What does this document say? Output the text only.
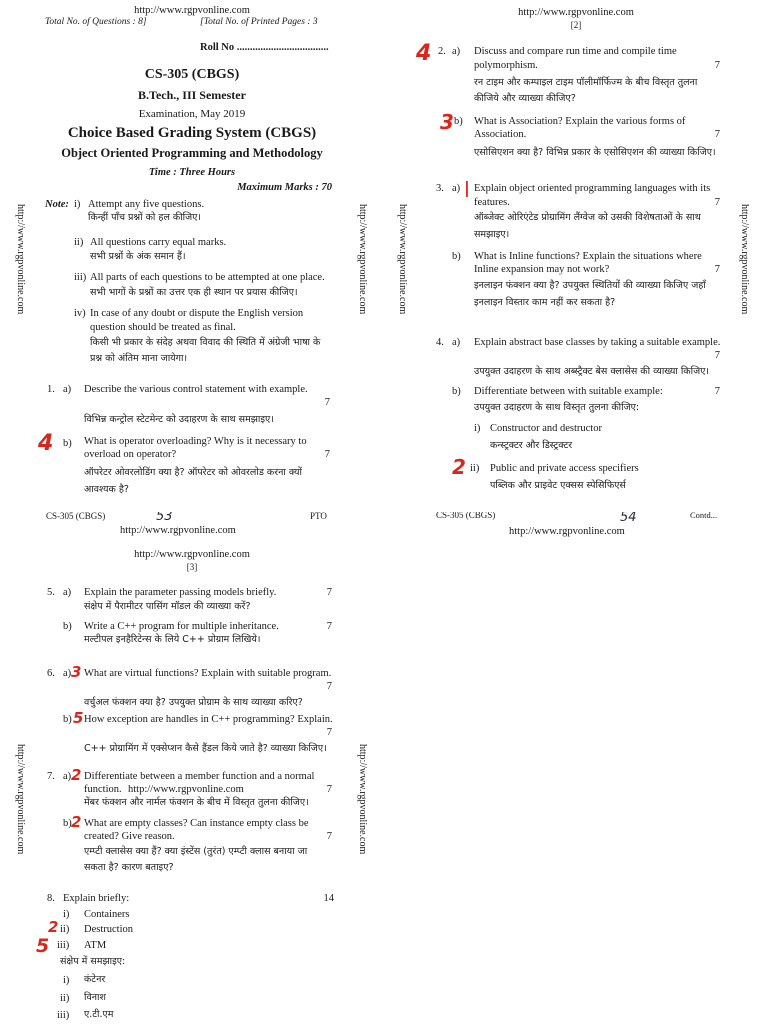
http://www.rgpvonline.com
Total No. of Questions : 8]	[Total No. of Printed Pages : 3
Roll No ...................................
CS-305 (CBGS)
B.Tech., III Semester
Examination, May 2019
Choice Based Grading System (CBGS)
Object Oriented Programming and Methodology
Time : Three Hours
Maximum Marks : 70
http://www.rgpvonline.com	http://www.rgpvonline.com
Note: i) Attempt any five questions.
किन्हीं पाँच प्रश्नों को हल कीजिए।
ii) All questions carry equal marks.
सभी प्रश्नों के अंक समान हैं।
iii) All parts of each questions to be attempted at one place.
सभी भागों के प्रश्नों का उत्तर एक ही स्थान पर प्रयास कीजिए।
iv) In case of any doubt or dispute the English version
question should be treated as final.
किसी भी प्रकार के संदेह अथवा विवाद की स्थिति में अंग्रेजी भाषा के
प्रश्न को अंतिम माना जायेगा।
1. a) Describe the various control statement with example.
7
विभिन्न कन्ट्रोल स्टेटमेन्ट को उदाहरण के साथ समझाइए।
4 b) What is operator overloading? Why is it necessary to
overload on operator?	7
ऑपरेटर ओवरलोडिंग क्या है? ऑपरेटर को ओवरलोड करना क्यों
आवश्यक है?
http://www.rgpvonline.com
[2]
http://www.rgpvonline.com	http://www.rgpvonline.com
4 2. a) Discuss and compare run time and compile time
polymorphism.	7
रन टाइम और कम्पाइल टाइम पॉलीमॉर्फिज्म के बीच विस्तृत तुलना
कीजिये और व्याख्या कीजिए?
3 b) What is Association? Explain the various forms of
Association.	7
एसोसिएशन क्या है? विभिन्न प्रकार के एसोसिएशन की व्याख्या किजिए।
3. a) | Explain object oriented programming languages with its
features.	7
ऑब्जेक्ट ओरिएंटेड प्रोग्रामिंग लैंग्वेज को उसकी विशेषताओं के साथ
समझाइए।
b) What is Inline functions? Explain the situations where
Inline expansion may not work?	7
इनलाइन फंक्शन क्या है? उपयुक्त स्थितियों की व्याख्या किजिए जहाँ
इनलाइन विस्तार काम नहीं कर सकता है?
4. a) Explain abstract base classes by taking a suitable example.
7
उपयुक्त उदाहरण के साथ अब्स्ट्रैक्ट बेस क्लासेस की व्याख्या किजिए।
b) Differentiate between with suitable example:	7
उपयुक्त उदाहरण के साथ विस्तृत तुलना कीजिए:
i) Constructor and destructor
कन्स्ट्रक्टर और डिस्ट्रक्टर
2 ii) Public and private access specifiers
पब्लिक और प्राइवेट एक्सस स्पेसिफिएर्स
CS-305 (CBGS)	PTO
53
http://www.rgpvonline.com
http://www.rgpvonline.com
[3]
http://www.rgpvonline.com	http://www.rgpvonline.com
5. a) Explain the parameter passing models briefly.	7
संक्षेप में पैरामीटर पासिंग मॉडल की व्याख्या करें?
b) Write a C++ program for multiple inheritance.	7
मल्टीपल इनहैरिटेन्स के लिये C++ प्रोग्राम लिखिये।
6. a) 3 What are virtual functions? Explain with suitable program.
7
वर्चुअल फंक्शन क्या है? उपयुक्त प्रोग्राम के साथ व्याख्या करिए?
b) 5 How exception are handles in C++ programming? Explain.
7
C++ प्रोग्रामिंग में एक्सेप्शन कैसे हैंडल किये जाते है? व्याख्या किजिए।
7. a) 2 Differentiate between a member function and a normal
function. http://www.rgpvonline.com	7
मेंबर फंक्शन और नार्मल फंक्शन के बीच में विस्तृत तुलना कीजिए।
b) 2 What are empty classes? Can instance empty class be
created? Give reason.	7
एम्प्टी क्लासेस क्या हैं? क्या इंस्टेंस (तुरंत) एम्प्टी क्लास बनाया जा
सकता है? कारण बताइए?
8. Explain briefly:	14
i) Containers
2 ii) Destruction
5 iii) ATM
संक्षेप में समझाइए:
i) कंटेनर
ii) विनाश
iii) ए.टी.एम
CS-305 (CBGS)	Contd...
54
http://www.rgpvonline.com
